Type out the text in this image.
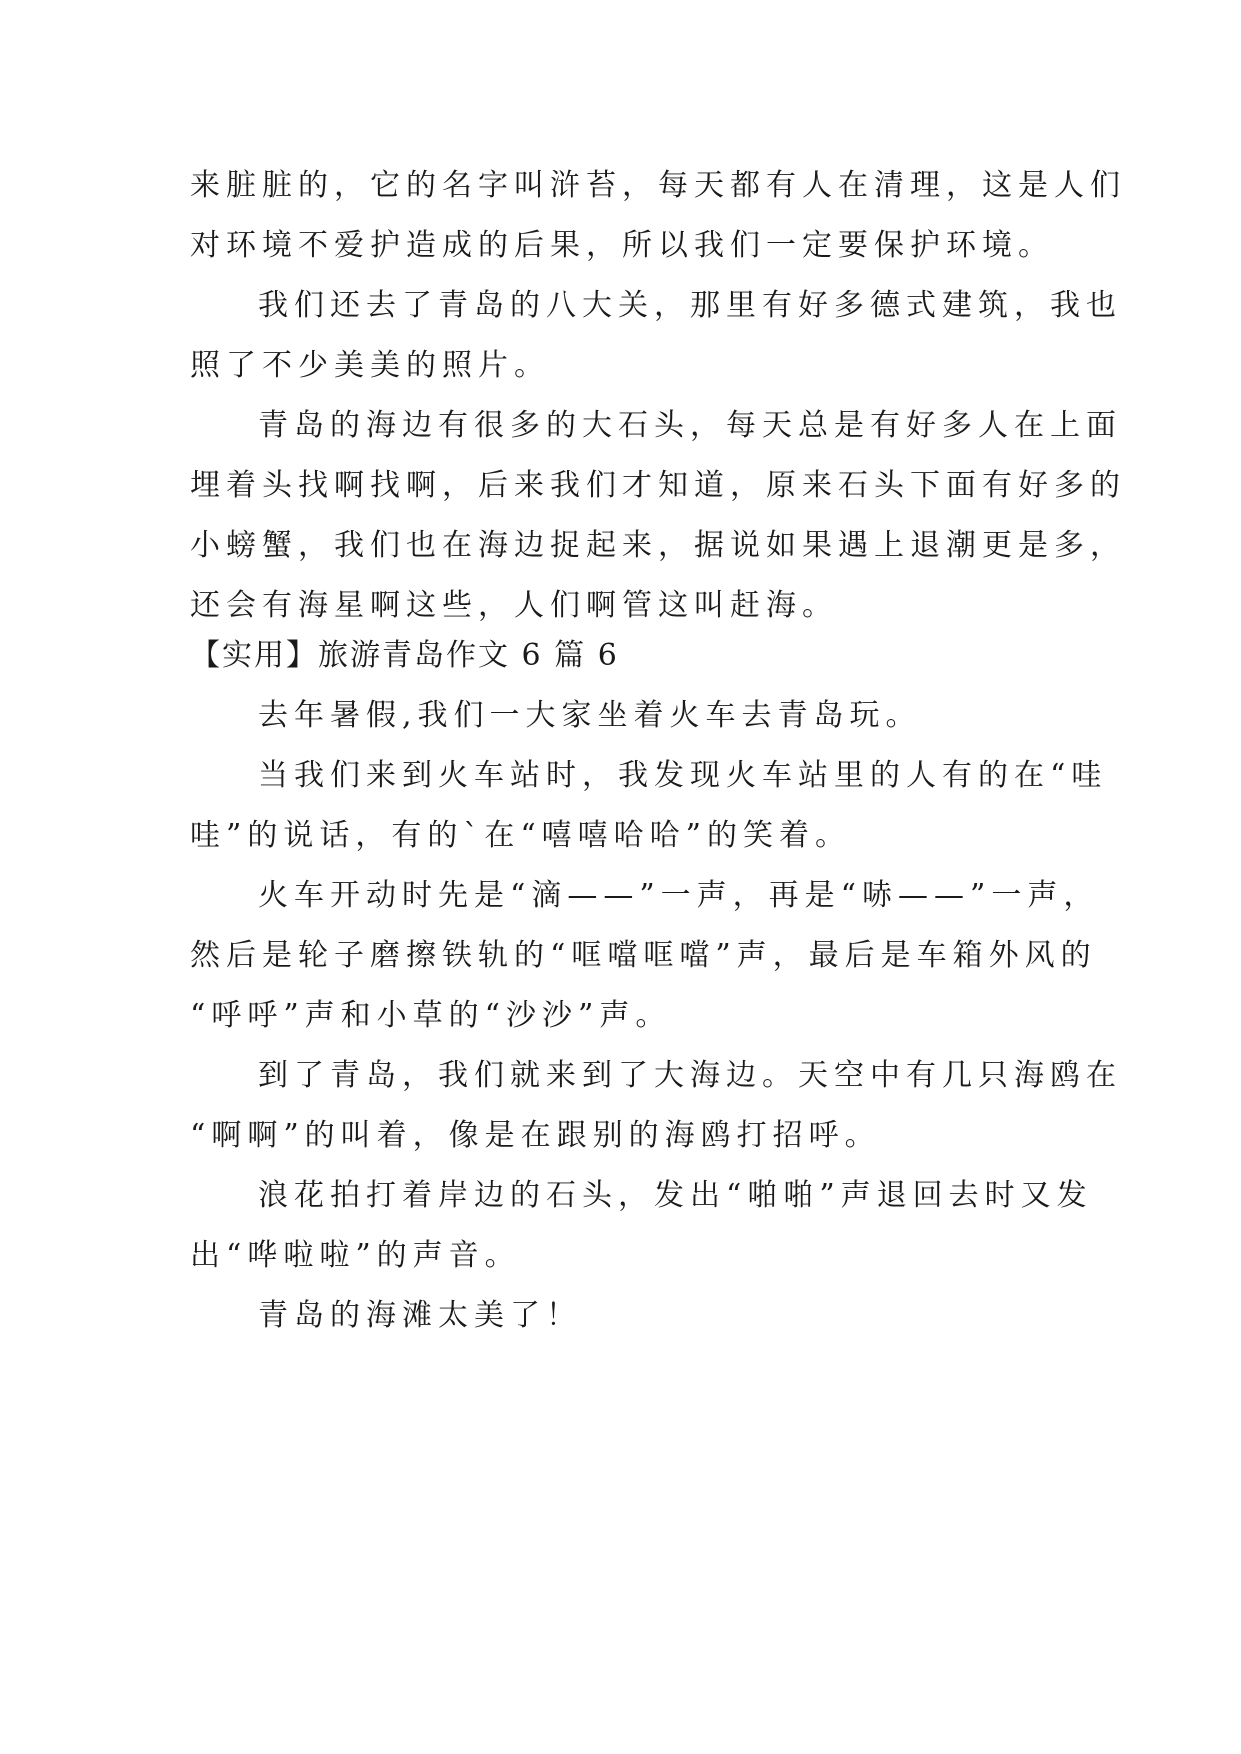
来脏脏的，它的名字叫浒苔，每天都有人在清理，这是人们
对环境不爱护造成的后果，所以我们一定要保护环境。
我们还去了青岛的八大关，那里有好多德式建筑，我也
照了不少美美的照片。
青岛的海边有很多的大石头，每天总是有好多人在上面
埋着头找啊找啊，后来我们才知道，原来石头下面有好多的
小螃蟹，我们也在海边捉起来，据说如果遇上退潮更是多，
还会有海星啊这些，人们啊管这叫赶海。
【实用】旅游青岛作文 6 篇 6
去年暑假,我们一大家坐着火车去青岛玩。
当我们来到火车站时，我发现火车站里的人有的在“哇
哇”的说话，有的`在“嘻嘻哈哈”的笑着。
火车开动时先是“滴——”一声，再是“哧——”一声，
然后是轮子磨擦铁轨的“哐噹哐噹”声，最后是车箱外风的
“呼呼”声和小草的“沙沙”声。
到了青岛，我们就来到了大海边。天空中有几只海鸥在
“啊啊”的叫着，像是在跟别的海鸥打招呼。
浪花拍打着岸边的石头，发出“啪啪”声退回去时又发
出“哗啦啦”的声音。
青岛的海滩太美了！
